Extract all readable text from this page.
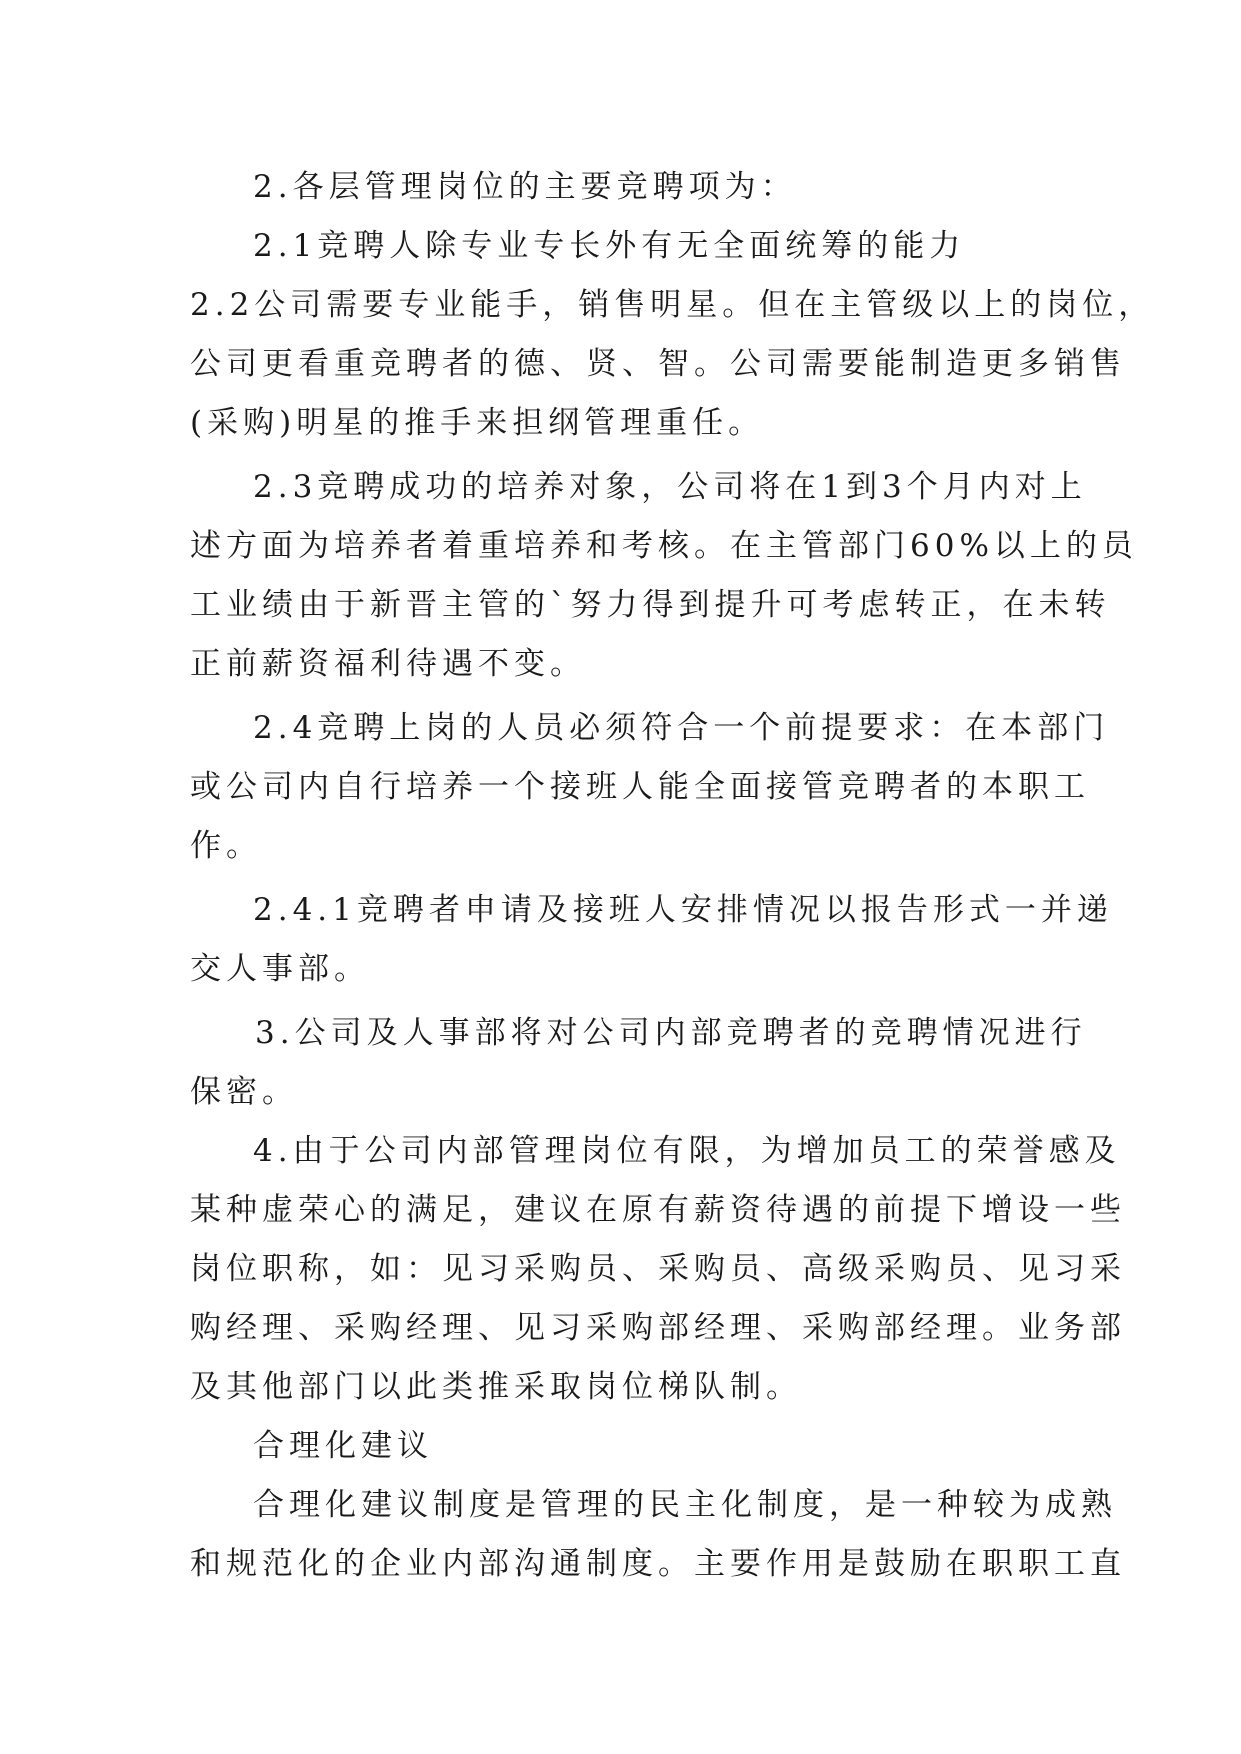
2.各层管理岗位的主要竞聘项为：
2.1竞聘人除专业专长外有无全面统筹的能力
2.2公司需要专业能手，销售明星。但在主管级以上的岗位，
公司更看重竞聘者的德、贤、智。公司需要能制造更多销售
(采购)明星的推手来担纲管理重任。
2.3竞聘成功的培养对象，公司将在1到3个月内对上
述方面为培养者着重培养和考核。在主管部门60%以上的员
工业绩由于新晋主管的`努力得到提升可考虑转正，在未转
正前薪资福利待遇不变。
2.4竞聘上岗的人员必须符合一个前提要求：在本部门
或公司内自行培养一个接班人能全面接管竞聘者的本职工
作。
2.4.1竞聘者申请及接班人安排情况以报告形式一并递
交人事部。
3.公司及人事部将对公司内部竞聘者的竞聘情况进行
保密。
4.由于公司内部管理岗位有限，为增加员工的荣誉感及
某种虚荣心的满足，建议在原有薪资待遇的前提下增设一些
岗位职称，如：见习采购员、采购员、高级采购员、见习采
购经理、采购经理、见习采购部经理、采购部经理。业务部
及其他部门以此类推采取岗位梯队制。
合理化建议
合理化建议制度是管理的民主化制度，是一种较为成熟
和规范化的企业内部沟通制度。主要作用是鼓励在职职工直
